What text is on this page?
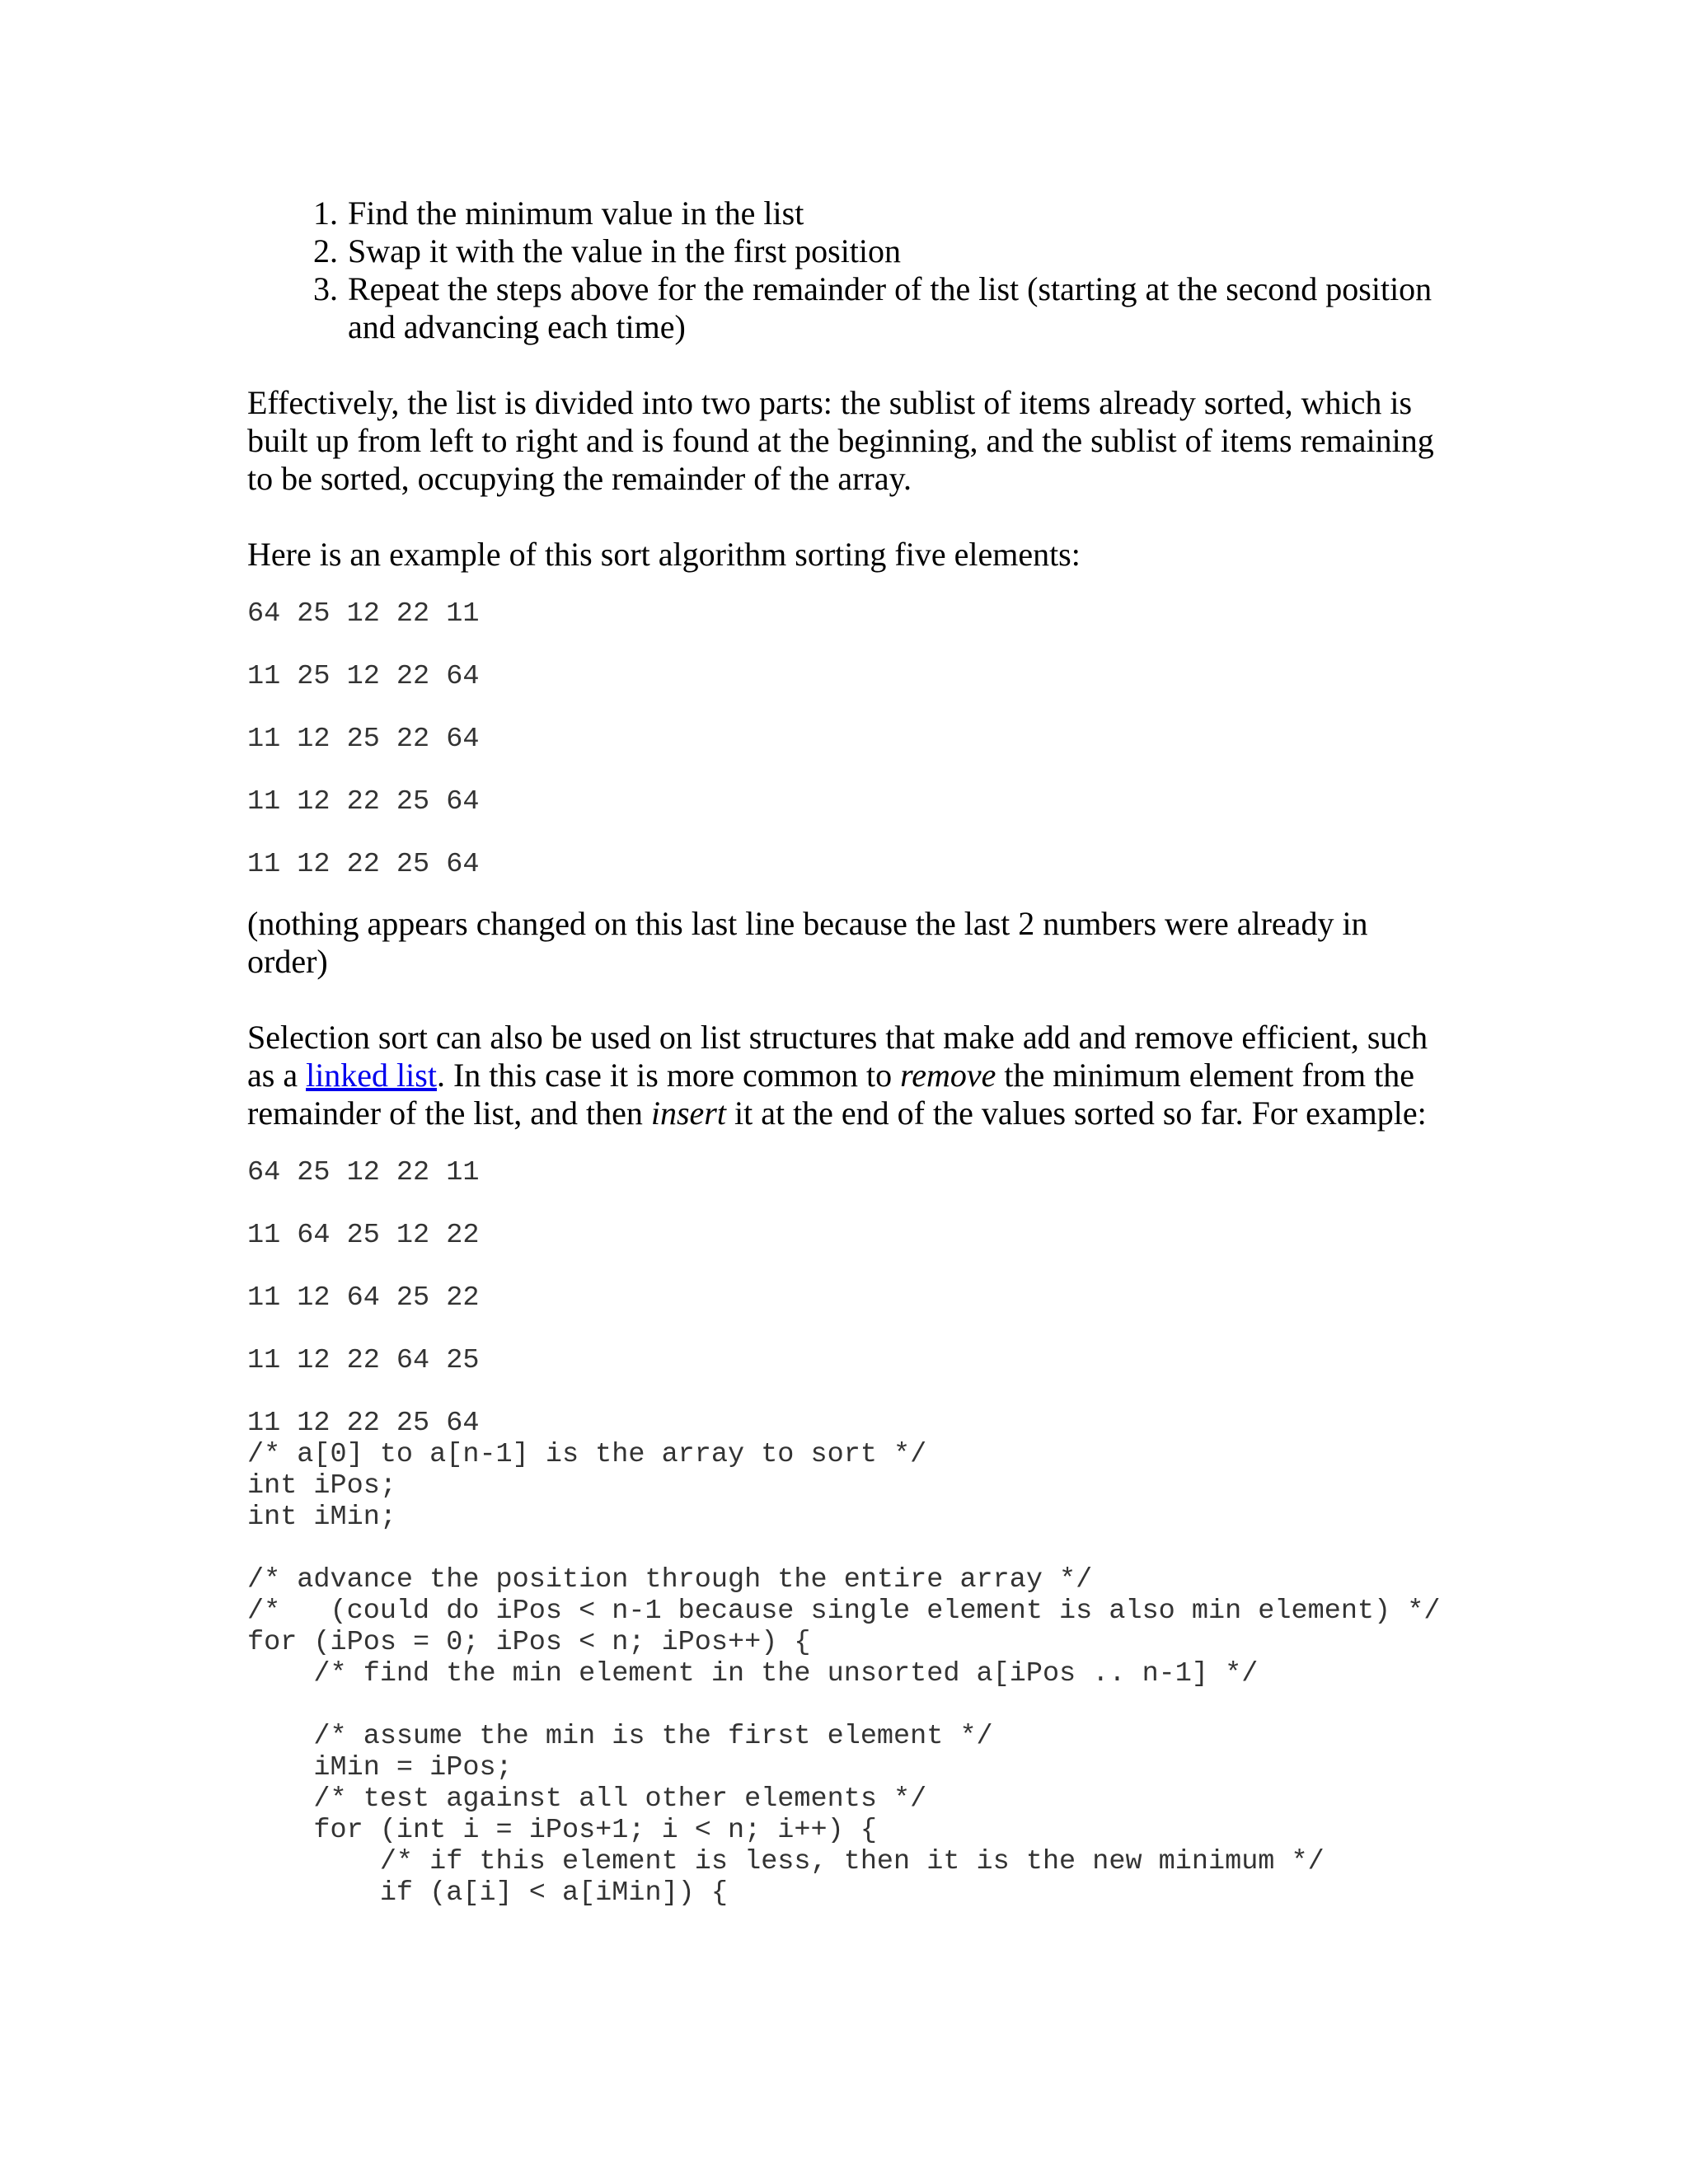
1. Find the minimum value in the list
2. Swap it with the value in the first position
3. Repeat the steps above for the remainder of the list (starting at the second position and advancing each time)

Effectively, the list is divided into two parts: the sublist of items already sorted, which is built up from left to right and is found at the beginning, and the sublist of items remaining to be sorted, occupying the remainder of the array.

Here is an example of this sort algorithm sorting five elements:

64 25 12 22 11

11 25 12 22 64

11 12 25 22 64

11 12 22 25 64

11 12 22 25 64

(nothing appears changed on this last line because the last 2 numbers were already in order)

Selection sort can also be used on list structures that make add and remove efficient, such as a linked list. In this case it is more common to remove the minimum element from the remainder of the list, and then insert it at the end of the values sorted so far. For example:

64 25 12 22 11

11 64 25 12 22

11 12 64 25 22

11 12 22 64 25

11 12 22 25 64

/* a[0] to a[n-1] is the array to sort */

int iPos;

int iMin;

/* advance the position through the entire array */

/*   (could do iPos < n-1 because single element is also min element) */

for (iPos = 0; iPos < n; iPos++) {

/* find the min element in the unsorted a[iPos .. n-1] */

/* assume the min is the first element */

iMin = iPos;

/* test against all other elements */

for (int i = iPos+1; i < n; i++) {

/* if this element is less, then it is the new minimum */

if (a[i] < a[iMin]) {
